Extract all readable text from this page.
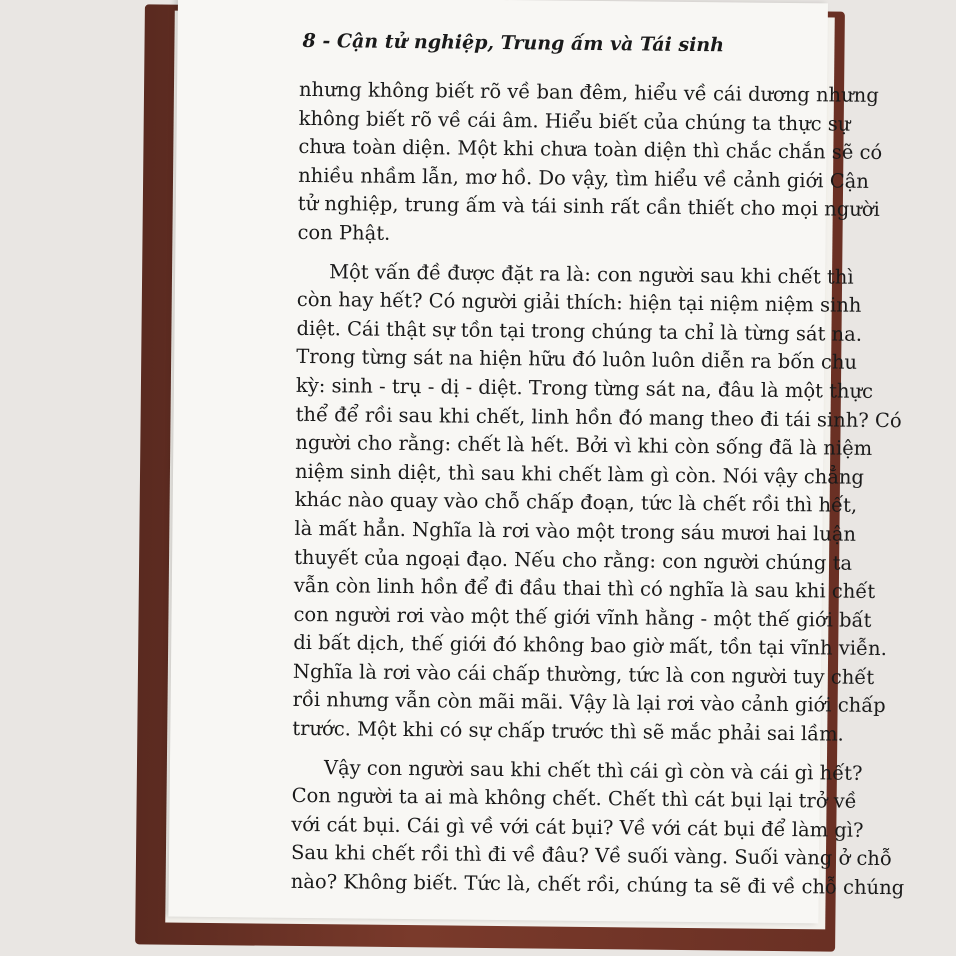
8 - Cận tử nghiệp, Trung ấm và Tái sinh
nhưng không biết rõ về ban đêm, hiểu về cái dương nhưng
không biết rõ về cái âm. Hiểu biết của chúng ta thực sự
chưa toàn diện. Một khi chưa toàn diện thì chắc chắn sẽ có
nhiều nhầm lẫn, mơ hồ. Do vậy, tìm hiểu về cảnh giới Cận
tử nghiệp, trung ấm và tái sinh rất cần thiết cho mọi người
con Phật.
Một vấn đề được đặt ra là: con người sau khi chết thì
còn hay hết? Có người giải thích: hiện tại niệm niệm sinh
diệt. Cái thật sự tồn tại trong chúng ta chỉ là từng sát na.
Trong từng sát na hiện hữu đó luôn luôn diễn ra bốn chu
kỳ: sinh - trụ - dị - diệt. Trong từng sát na, đâu là một thực
thể để rồi sau khi chết, linh hồn đó mang theo đi tái sinh? Có
người cho rằng: chết là hết. Bởi vì khi còn sống đã là niệm
niệm sinh diệt, thì sau khi chết làm gì còn. Nói vậy chẳng
khác nào quay vào chỗ chấp đoạn, tức là chết rồi thì hết,
là mất hẳn. Nghĩa là rơi vào một trong sáu mươi hai luận
thuyết của ngoại đạo. Nếu cho rằng: con người chúng ta
vẫn còn linh hồn để đi đầu thai thì có nghĩa là sau khi chết
con người rơi vào một thế giới vĩnh hằng - một thế giới bất
di bất dịch, thế giới đó không bao giờ mất, tồn tại vĩnh viễn.
Nghĩa là rơi vào cái chấp thường, tức là con người tuy chết
rồi nhưng vẫn còn mãi mãi. Vậy là lại rơi vào cảnh giới chấp
trước. Một khi có sự chấp trước thì sẽ mắc phải sai lầm.
Vậy con người sau khi chết thì cái gì còn và cái gì hết?
Con người ta ai mà không chết. Chết thì cát bụi lại trở về
với cát bụi. Cái gì về với cát bụi? Về với cát bụi để làm gì?
Sau khi chết rồi thì đi về đâu? Về suối vàng. Suối vàng ở chỗ
nào? Không biết. Tức là, chết rồi, chúng ta sẽ đi về chỗ chúng
